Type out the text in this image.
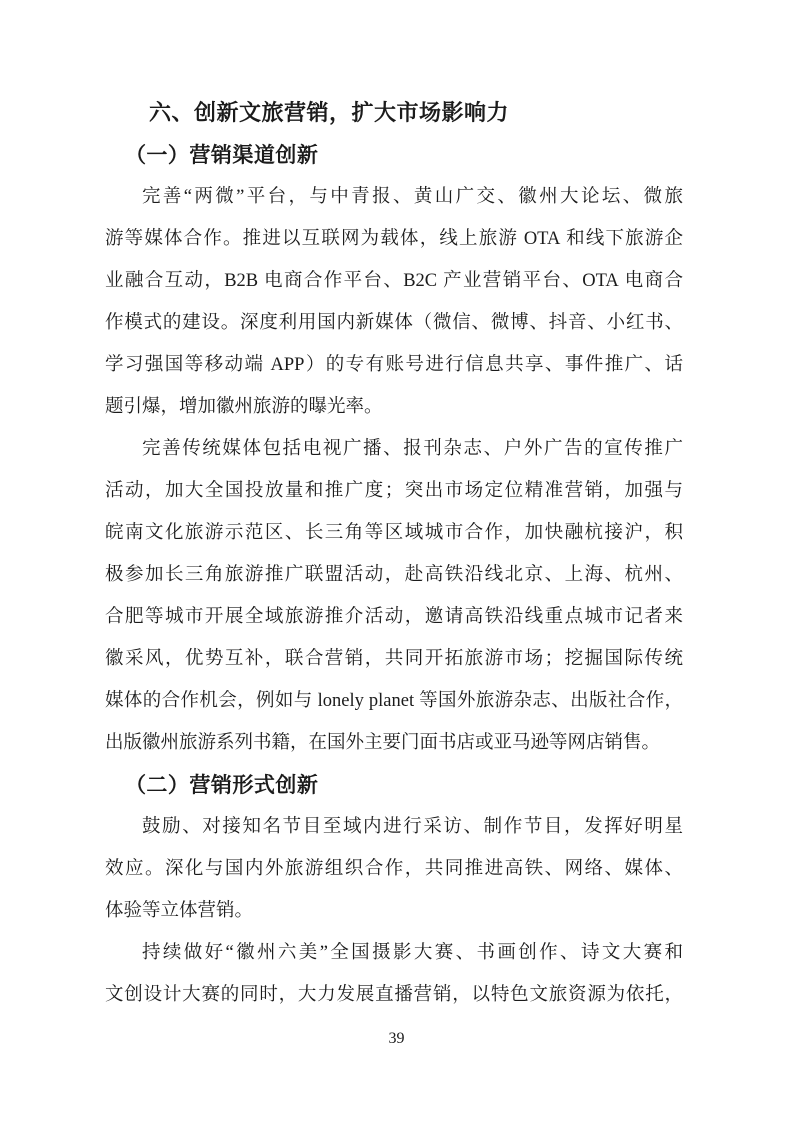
六、创新文旅营销，扩大市场影响力
（一）营销渠道创新
完善“两微”平台，与中青报、黄山广交、徽州大论坛、微旅
游等媒体合作。推进以互联网为载体，线上旅游 OTA 和线下旅游企
业融合互动，B2B 电商合作平台、B2C 产业营销平台、OTA 电商合
作模式的建设。深度利用国内新媒体（微信、微博、抖音、小红书、
学习强国等移动端 APP）的专有账号进行信息共享、事件推广、话
题引爆，增加徽州旅游的曝光率。
完善传统媒体包括电视广播、报刊杂志、户外广告的宣传推广
活动，加大全国投放量和推广度；突出市场定位精准营销，加强与
皖南文化旅游示范区、长三角等区域城市合作，加快融杭接沪，积
极参加长三角旅游推广联盟活动，赴高铁沿线北京、上海、杭州、
合肥等城市开展全域旅游推介活动，邀请高铁沿线重点城市记者来
徽采风，优势互补，联合营销，共同开拓旅游市场；挖掘国际传统
媒体的合作机会，例如与 lonely planet 等国外旅游杂志、出版社合作，
出版徽州旅游系列书籍，在国外主要门面书店或亚马逊等网店销售。
（二）营销形式创新
鼓励、对接知名节目至域内进行采访、制作节目，发挥好明星
效应。深化与国内外旅游组织合作，共同推进高铁、网络、媒体、
体验等立体营销。
持续做好“徽州六美”全国摄影大赛、书画创作、诗文大赛和
文创设计大赛的同时，大力发展直播营销，以特色文旅资源为依托，
39
